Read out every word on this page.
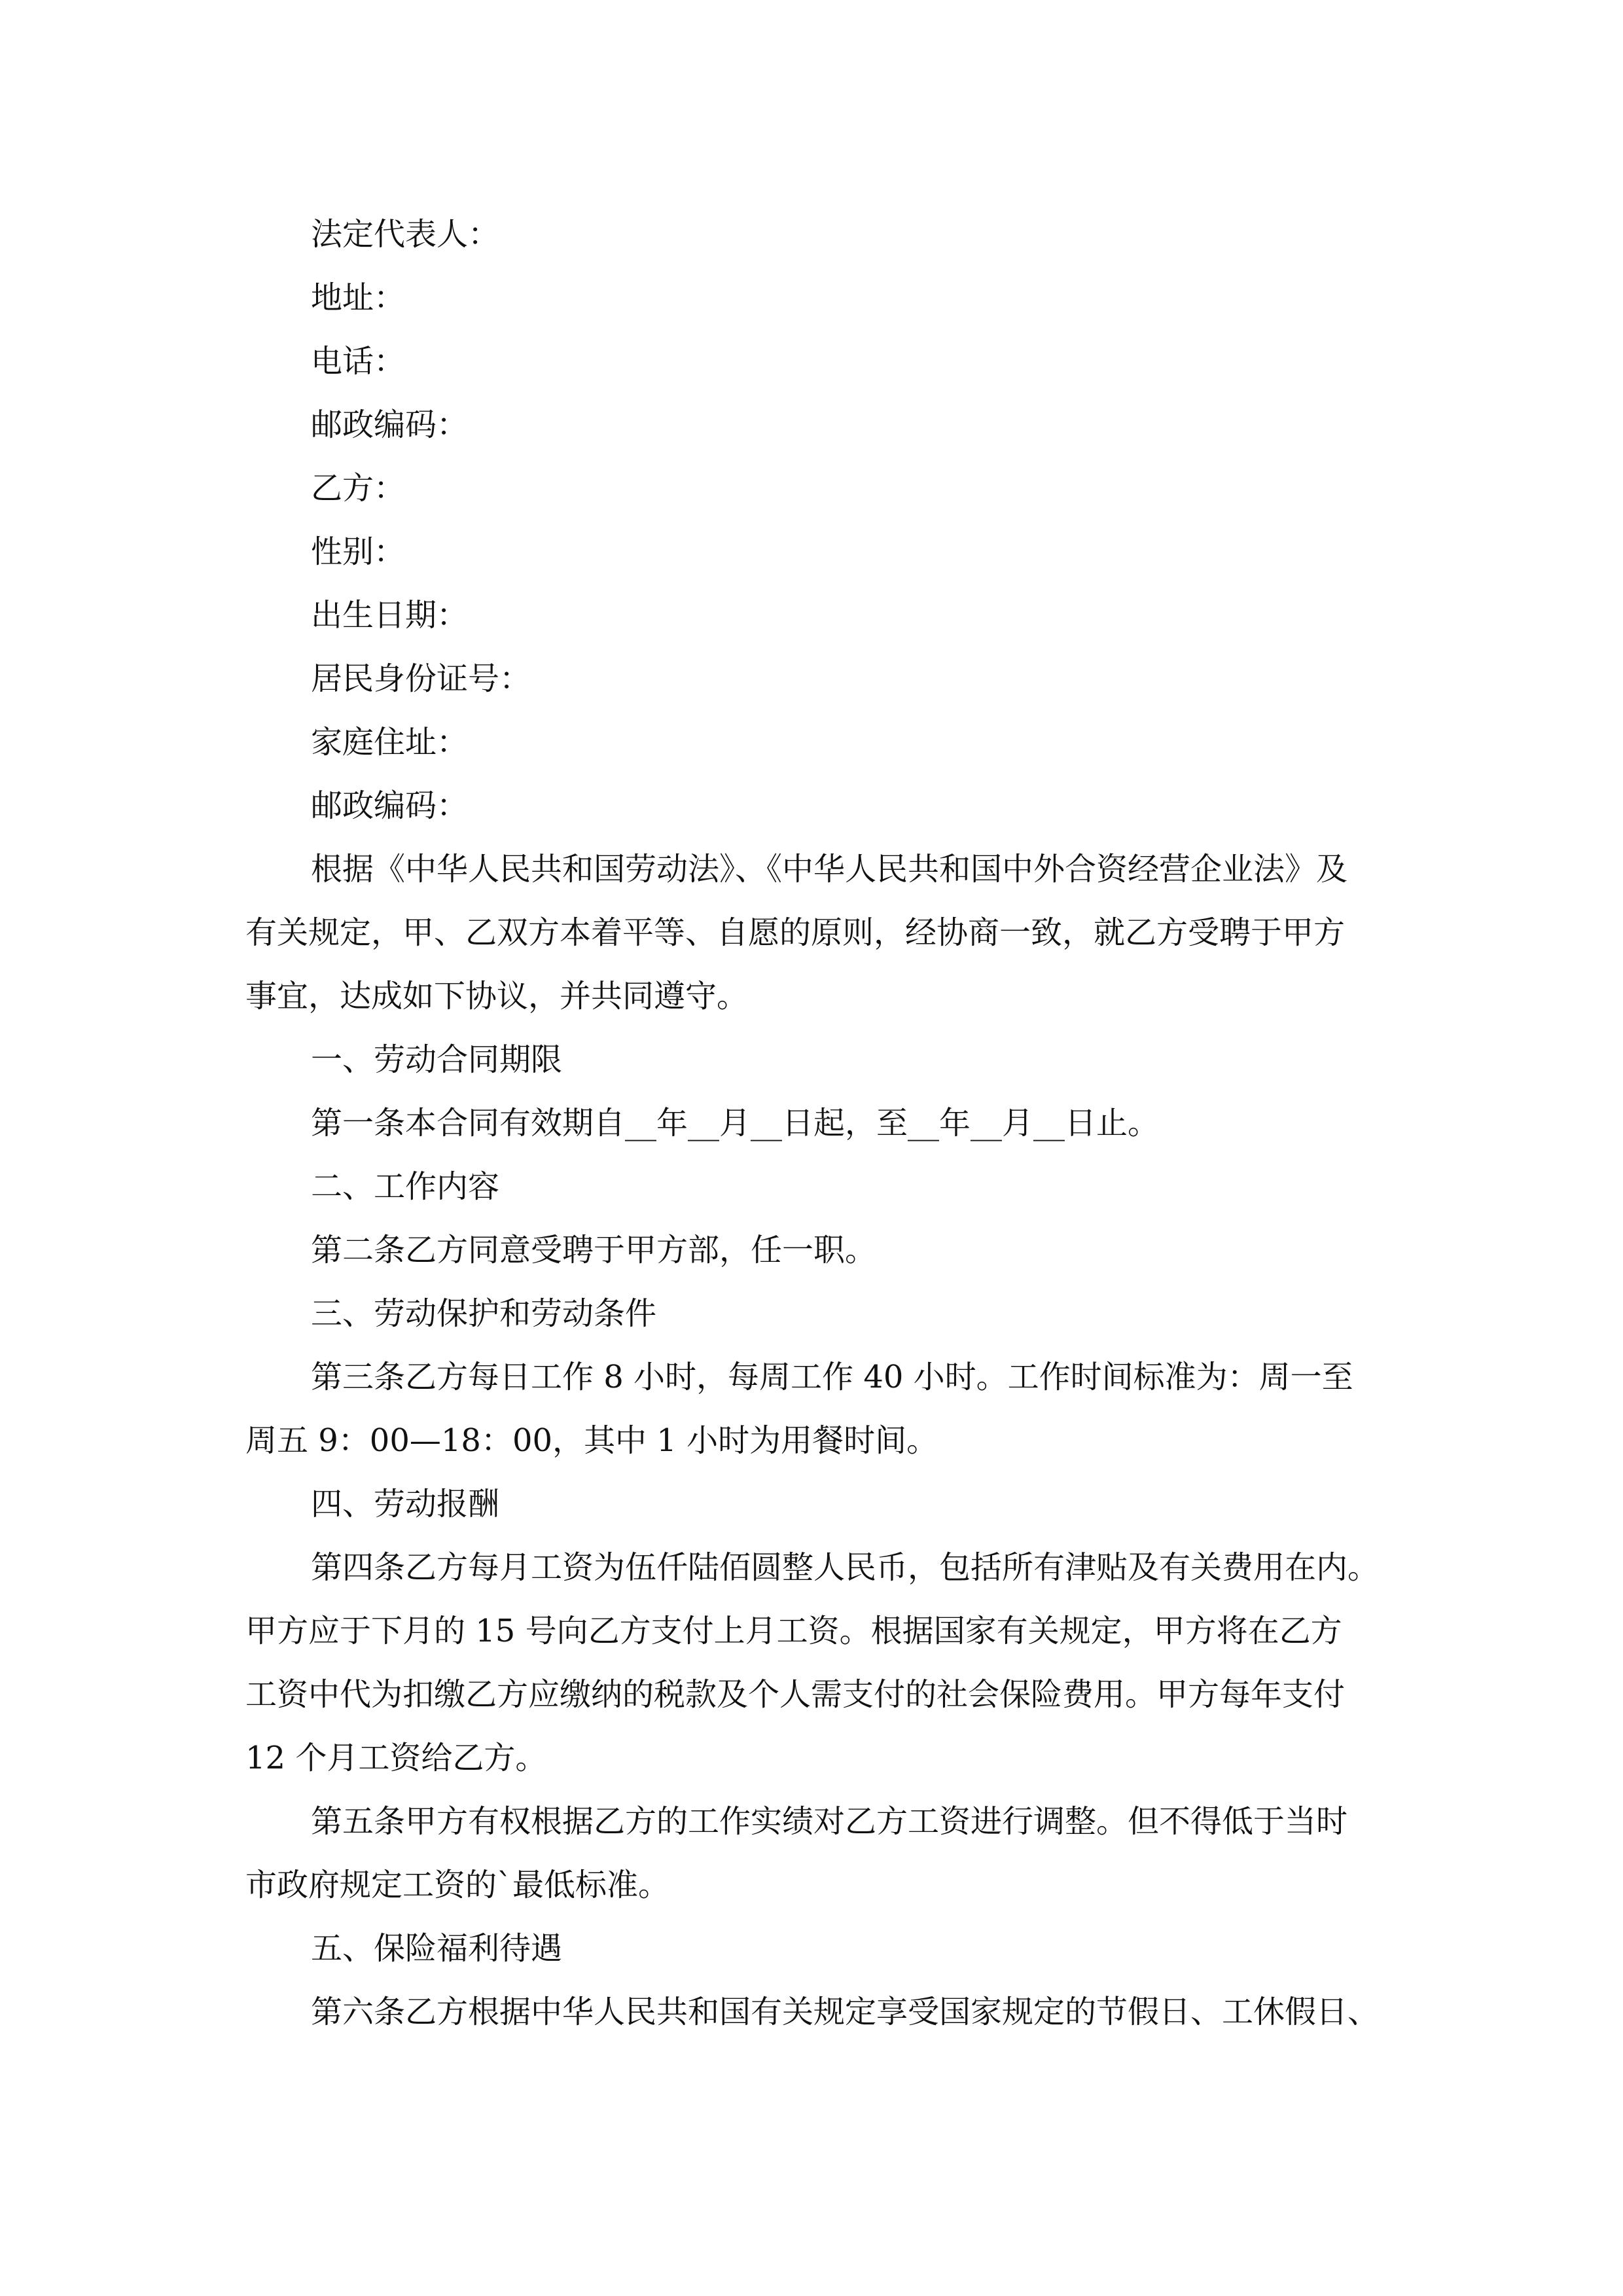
法定代表人：

地址：

电话：

邮政编码：

乙方：

性别：

出生日期：

居民身份证号：

家庭住址：

邮政编码：

根据《中华人民共和国劳动法》、《中华人民共和国中外合资经营企业法》及

有关规定，甲、乙双方本着平等、自愿的原则，经协商一致，就乙方受聘于甲方

事宜，达成如下协议，并共同遵守。

一、劳动合同期限

第一条本合同有效期自__年__月__日起，至__年__月__日止。

二、工作内容

第二条乙方同意受聘于甲方部，任一职。

三、劳动保护和劳动条件

第三条乙方每日工作 8 小时，每周工作 40 小时。工作时间标准为：周一至

周五 9：00—18：00，其中 1 小时为用餐时间。

四、劳动报酬

第四条乙方每月工资为伍仟陆佰圆整人民币，包括所有津贴及有关费用在内。

甲方应于下月的 15 号向乙方支付上月工资。根据国家有关规定，甲方将在乙方

工资中代为扣缴乙方应缴纳的税款及个人需支付的社会保险费用。甲方每年支付

12 个月工资给乙方。

第五条甲方有权根据乙方的工作实绩对乙方工资进行调整。但不得低于当时

市政府规定工资的`最低标准。

五、保险福利待遇

第六条乙方根据中华人民共和国有关规定享受国家规定的节假日、工休假日、
